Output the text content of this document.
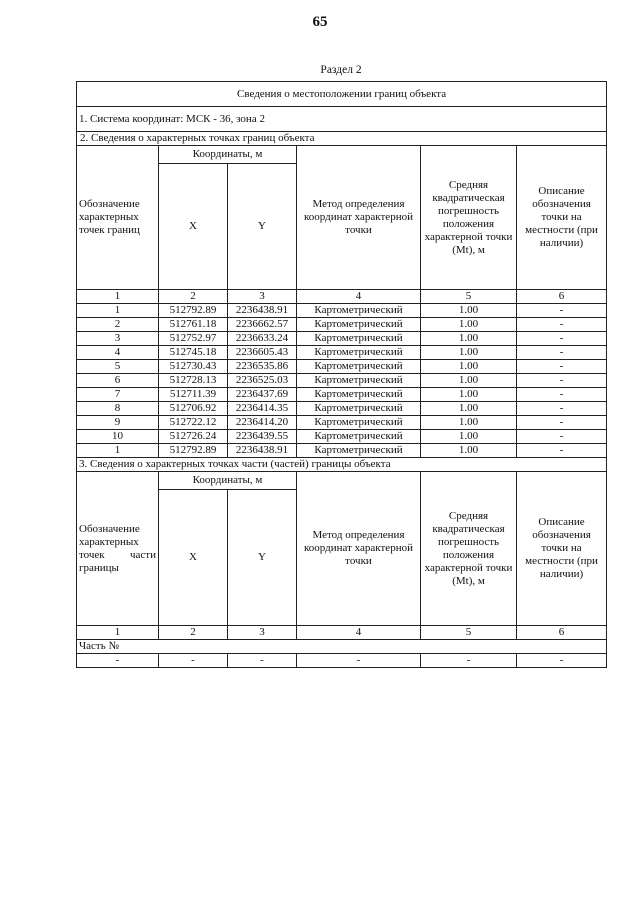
65
Раздел 2
Сведения о местоположении границ объекта					
1. Система координат: МСК - 36, зона 2					
2. Сведения о характерных точках границ объекта					
Обозначение характерных точек границ	Координаты, м		Метод определения координат характерной точки	Средняя квадратическая погрешность положения характерной точки (Mt), м	Описание обозначения точки на местности (при наличии)
	X	Y			
1	2	3	4	5	6
1	512792.89	2236438.91	Картометрический	1.00	-
2	512761.18	2236662.57	Картометрический	1.00	-
3	512752.97	2236633.24	Картометрический	1.00	-
4	512745.18	2236605.43	Картометрический	1.00	-
5	512730.43	2236535.86	Картометрический	1.00	-
6	512728.13	2236525.03	Картометрический	1.00	-
7	512711.39	2236437.69	Картометрический	1.00	-
8	512706.92	2236414.35	Картометрический	1.00	-
9	512722.12	2236414.20	Картометрический	1.00	-
10	512726.24	2236439.55	Картометрический	1.00	-
1	512792.89	2236438.91	Картометрический	1.00	-
3. Сведения о характерных точках части (частей) границы объекта					
Обозначение характерных точек части границы	Координаты, м		Метод определения координат характерной точки	Средняя квадратическая погрешность положения характерной точки (Mt), м	Описание обозначения точки на местности (при наличии)
	X	Y			
1	2	3	4	5	6
Часть №					
-	-	-	-	-	-
